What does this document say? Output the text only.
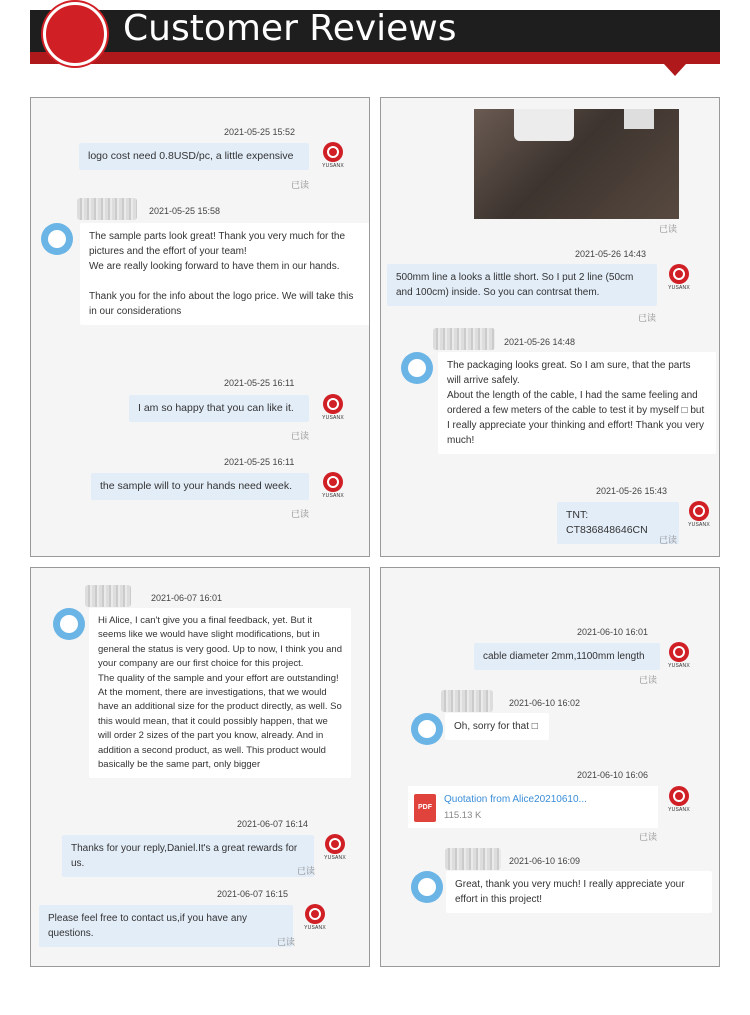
Customer Reviews
2021-05-25 15:52
logo cost need 0.8USD/pc, a little expensive
YUSANX
已读
2021-05-25 15:58
The sample parts look great! Thank you very much for the pictures and the effort of your team!
We are really looking forward to have them in our hands.

Thank you for the info about the logo price. We will take this in our considerations
2021-05-25 16:11
I am so happy that you can like it.
YUSANX
已读
2021-05-25 16:11
the sample will to your hands need week.
YUSANX
已读
已读
2021-05-26 14:43
500mm line a looks a little short. So I put 2 line (50cm and 100cm) inside. So you can contrsat them.	YUSANX
已读
2021-05-26 14:48
The packaging looks great. So I am sure, that the parts will arrive safely.
About the length of the cable, I had the same feeling and ordered a few meters of the cable to test it by myself □ but I really appreciate your thinking and effort! Thank you very much!
2021-05-26 15:43
TNT: CT836848646CN	YUSANX
已读
2021-06-07 16:01
Hi Alice, I can't give you a final feedback, yet. But it seems like we would have slight modifications, but in general the status is very good. Up to now, I think you and your company are our first choice for this project.
The quality of the sample and your effort are outstanding!
At the moment, there are investigations, that we would have an additional size for the product directly, as well. So this would mean, that it could possibly happen, that we will order 2 sizes of the part you know, already. And in addition a second product, as well. This product would basically be the same part, only bigger
2021-06-07 16:14
Thanks for your reply,Daniel.It's a great rewards for us.	YUSANX
已读
2021-06-07 16:15
Please feel free to contact us,if you have any questions.	YUSANX
已读
2021-06-10 16:01
cable diameter 2mm,1100mm length
YUSANX
已读
2021-06-10 16:02
Oh, sorry for that □
2021-06-10 16:06
PDF
Quotation from Alice20210610...
115.13 K	YUSANX
已读
2021-06-10 16:09
Great, thank you very much! I really appreciate your effort in this project!
